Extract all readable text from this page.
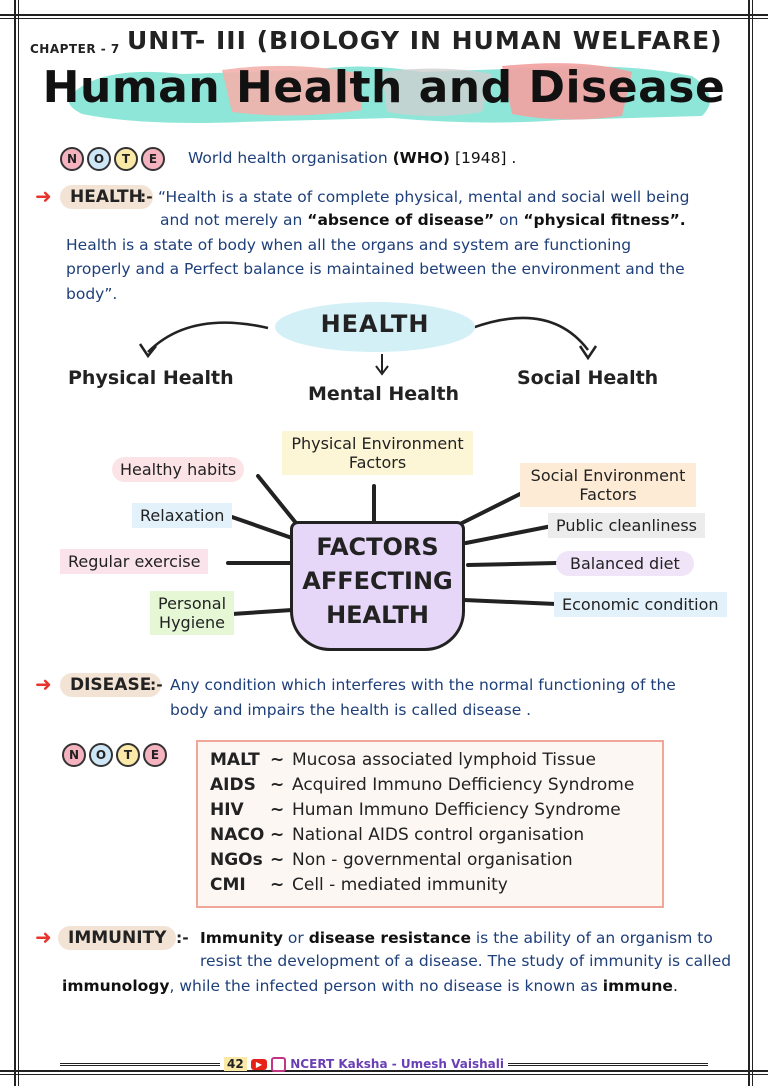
CHAPTER - 7 UNIT- III (BIOLOGY IN HUMAN WELFARE)
Human Health and Disease
N	O	T	E	World health organisation (WHO) [1948] .
➜	HEALTH
:- “Health is a state of complete physical, mental and social well being
and not merely an “absence of disease” on “physical fitness”.
Health is a state of body when all the organs and system are functioning
properly and a Perfect balance is maintained between the environment and the
body”.
HEALTH
Physical Health
Mental Health
Social Health
FACTORS
AFFECTING
HEALTH
Physical Environment
Factors
Healthy habits
Relaxation
Regular exercise
Personal
Hygiene
Social Environment
Factors
Public cleanliness
Balanced diet
Economic condition
➜	DISEASE
:- Any condition which interferes with the normal functioning of the
body and impairs the health is called disease .
N	O	T	E	MALT ~ Mucosa associated lymphoid Tissue
AIDS ~ Acquired Immuno Defficiency Syndrome
HIV ~ Human Immuno Defficiency Syndrome
NACO ~ National AIDS control organisation
NGOs ~ Non - governmental organisation
CMI ~ Cell - mediated immunity
➜ IMMUNITY :- Immunity or disease resistance is the ability of an organism to
resist the development of a disease. The study of immunity is called
immunology, while the infected person with no disease is known as immune.
42 ▶ NCERT Kaksha - Umesh Vaishali
